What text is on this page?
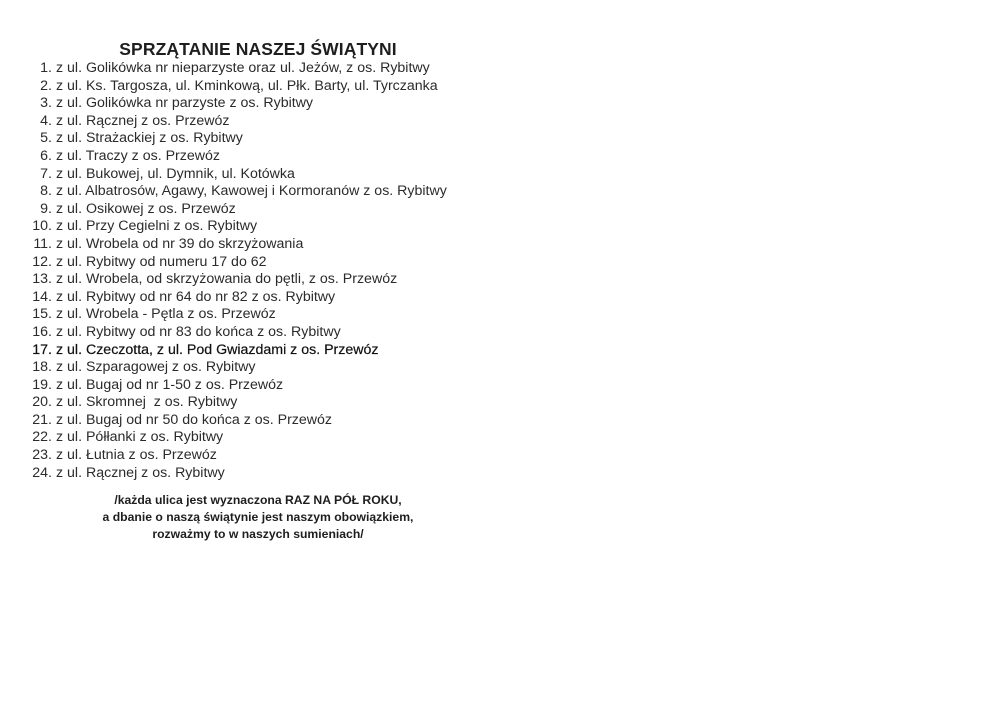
SPRZĄTANIE NASZEJ ŚWIĄTYNI
1. z ul. Golikówka nr nieparzyste oraz ul. Jeżów, z os. Rybitwy
2. z ul. Ks. Targosza, ul. Kminkową, ul. Płk. Barty, ul. Tyrczanka
3. z ul. Golikówka nr parzyste z os. Rybitwy
4. z ul. Rącznej z os. Przewóz
5. z ul. Strażackiej z os. Rybitwy
6. z ul. Traczy z os. Przewóz
7. z ul. Bukowej, ul. Dymnik, ul. Kotówka
8. z ul. Albatrosów, Agawy, Kawowej i Kormoranów z os. Rybitwy
9. z ul. Osikowej z os. Przewóz
10. z ul. Przy Cegielni z os. Rybitwy
11. z ul. Wrobela od nr 39 do skrzyżowania
12. z ul. Rybitwy od numeru 17 do 62
13. z ul. Wrobela, od skrzyżowania do pętli, z os. Przewóz
14. z ul. Rybitwy od nr 64 do nr 82 z os. Rybitwy
15. z ul. Wrobela - Pętla z os. Przewóz
16. z ul. Rybitwy od nr 83 do końca z os. Rybitwy
17. z ul. Czeczotta, z ul. Pod Gwiazdami z os. Przewóz
18. z ul. Szparagowej z os. Rybitwy
19. z ul. Bugaj od nr 1-50 z os. Przewóz
20. z ul. Skromnej  z os. Rybitwy
21. z ul. Bugaj od nr 50 do końca z os. Przewóz
22. z ul. Półłanki z os. Rybitwy
23. z ul. Łutnia z os. Przewóz
24. z ul. Rącznej z os. Rybitwy
/każda ulica jest wyznaczona RAZ NA PÓŁ ROKU,
a dbanie o naszą świątynie jest naszym obowiązkiem,
rozważmy to w naszych sumieniach/
